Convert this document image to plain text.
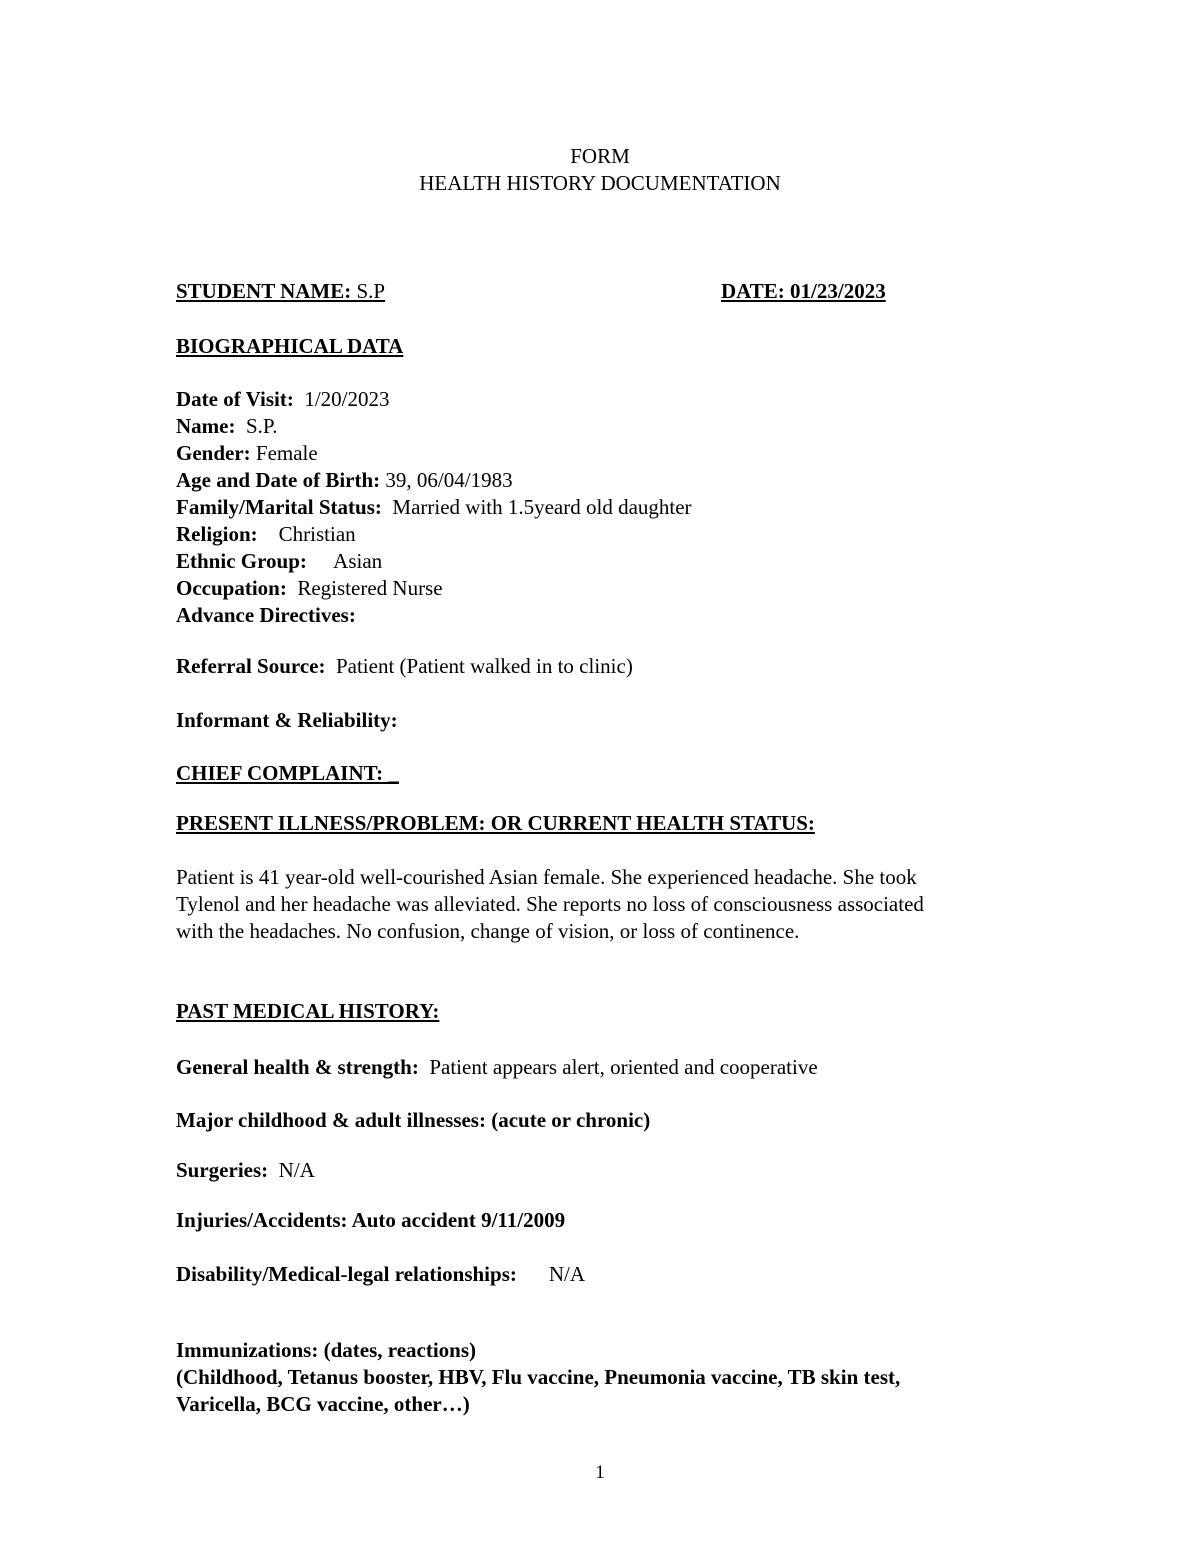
FORM
HEALTH HISTORY DOCUMENTATION
STUDENT NAME: S.P	DATE: 01/23/2023
BIOGRAPHICAL DATA
Date of Visit: 1/20/2023
Name: S.P.
Gender: Female
Age and Date of Birth: 39, 06/04/1983
Family/Marital Status: Married with 1.5yeard old daughter
Religion: Christian
Ethnic Group: Asian
Occupation: Registered Nurse
Advance Directives:
Referral Source: Patient (Patient walked in to clinic)
Informant & Reliability:
CHIEF COMPLAINT: _
PRESENT ILLNESS/PROBLEM: OR CURRENT HEALTH STATUS:
Patient is 41 year-old well-courished Asian female. She experienced headache. She took
Tylenol and her headache was alleviated. She reports no loss of consciousness associated
with the headaches. No confusion, change of vision, or loss of continence.
PAST MEDICAL HISTORY:
General health & strength: Patient appears alert, oriented and cooperative
Major childhood & adult illnesses: (acute or chronic)
Surgeries: N/A
Injuries/Accidents: Auto accident 9/11/2009
Disability/Medical-legal relationships: N/A
Immunizations: (dates, reactions)
(Childhood, Tetanus booster, HBV, Flu vaccine, Pneumonia vaccine, TB skin test,
Varicella, BCG vaccine, other…)
1
